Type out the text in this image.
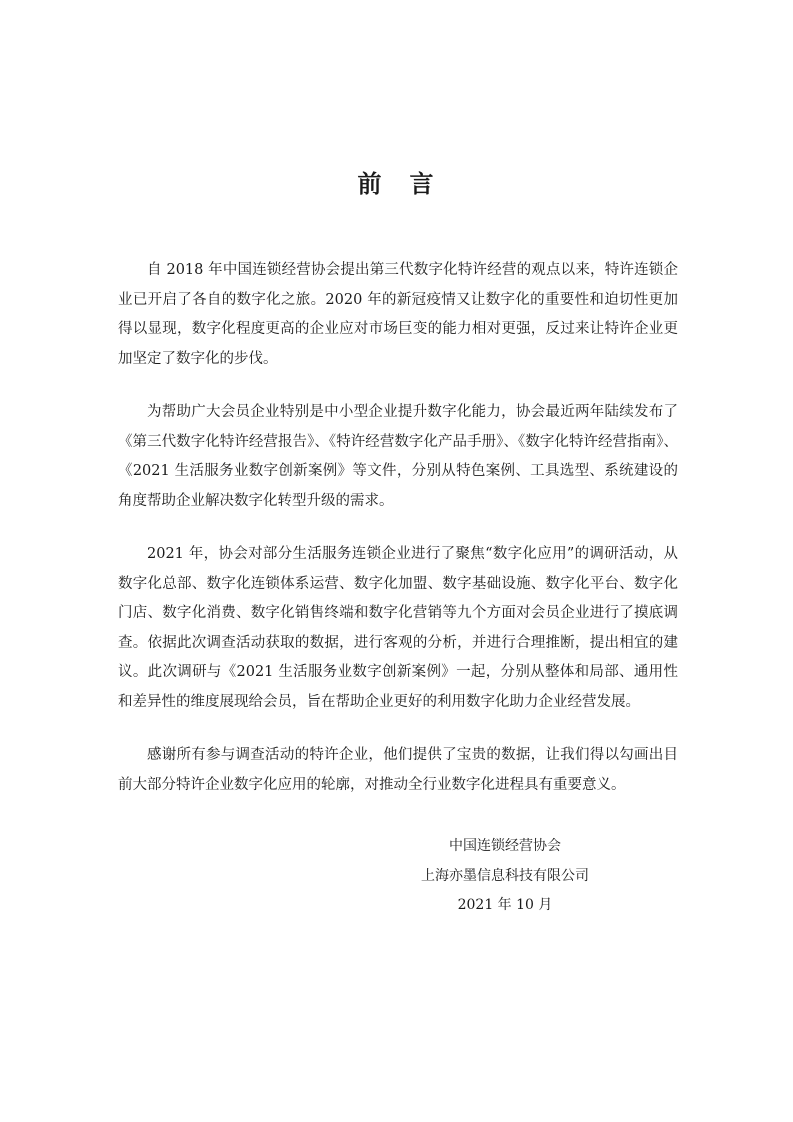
前 言

自 2018 年中国连锁经营协会提出第三代数字化特许经营的观点以来，特许连锁企业已开启了各自的数字化之旅。2020 年的新冠疫情又让数字化的重要性和迫切性更加得以显现，数字化程度更高的企业应对市场巨变的能力相对更强，反过来让特许企业更加坚定了数字化的步伐。

为帮助广大会员企业特别是中小型企业提升数字化能力，协会最近两年陆续发布了《第三代数字化特许经营报告》、《特许经营数字化产品手册》、《数字化特许经营指南》、《2021 生活服务业数字创新案例》等文件，分别从特色案例、工具选型、系统建设的角度帮助企业解决数字化转型升级的需求。

2021 年，协会对部分生活服务连锁企业进行了聚焦“数字化应用”的调研活动，从数字化总部、数字化连锁体系运营、数字化加盟、数字基础设施、数字化平台、数字化门店、数字化消费、数字化销售终端和数字化营销等九个方面对会员企业进行了摸底调查。依据此次调查活动获取的数据，进行客观的分析，并进行合理推断，提出相宜的建议。此次调研与《2021 生活服务业数字创新案例》一起，分别从整体和局部、通用性和差异性的维度展现给会员，旨在帮助企业更好的利用数字化助力企业经营发展。

感谢所有参与调查活动的特许企业，他们提供了宝贵的数据，让我们得以勾画出目前大部分特许企业数字化应用的轮廓，对推动全行业数字化进程具有重要意义。

中国连锁经营协会
上海亦墨信息科技有限公司
2021 年 10 月
